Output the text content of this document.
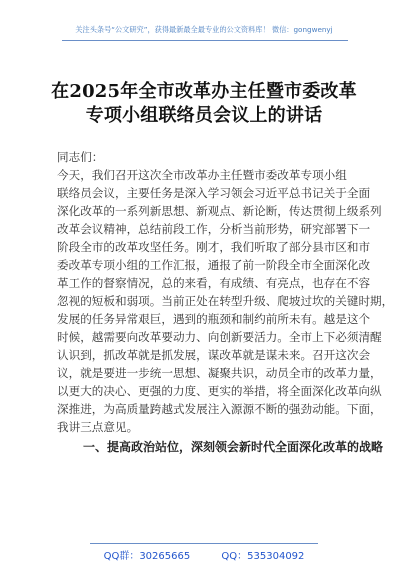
关注头条号“公文研究”，获得最新最全最专业的公文资料库！ 微信：gongwenyj
在2025年全市改革办主任暨市委改革
专项小组联络员会议上的讲话
同志们：
今天，我们召开这次全市改革办主任暨市委改革专项小组
联络员会议，主要任务是深入学习领会习近平总书记关于全面
深化改革的一系列新思想、新观点、新论断，传达贯彻上级系列
改革会议精神，总结前段工作，分析当前形势，研究部署下一
阶段全市的改革攻坚任务。刚才，我们听取了部分县市区和市
委改革专项小组的工作汇报，通报了前一阶段全市全面深化改
革工作的督察情况，总的来看，有成绩、有亮点，也存在不容
忽视的短板和弱项。当前正处在转型升级、爬坡过坎的关键时期，
发展的任务异常艰巨，遇到的瓶颈和制约前所未有。越是这个
时候，越需要向改革要动力、向创新要活力。全市上下必须清醒
认识到，抓改革就是抓发展，谋改革就是谋未来。召开这次会
议，就是要进一步统一思想、凝聚共识，动员全市的改革力量，
以更大的决心、更强的力度、更实的举措，将全面深化改革向纵
深推进，为高质量跨越式发展注入源源不断的强劲动能。下面，
我讲三点意见。
一、提高政治站位，深刻领会新时代全面深化改革的战略
QQ群：30265665	QQ：535304092
